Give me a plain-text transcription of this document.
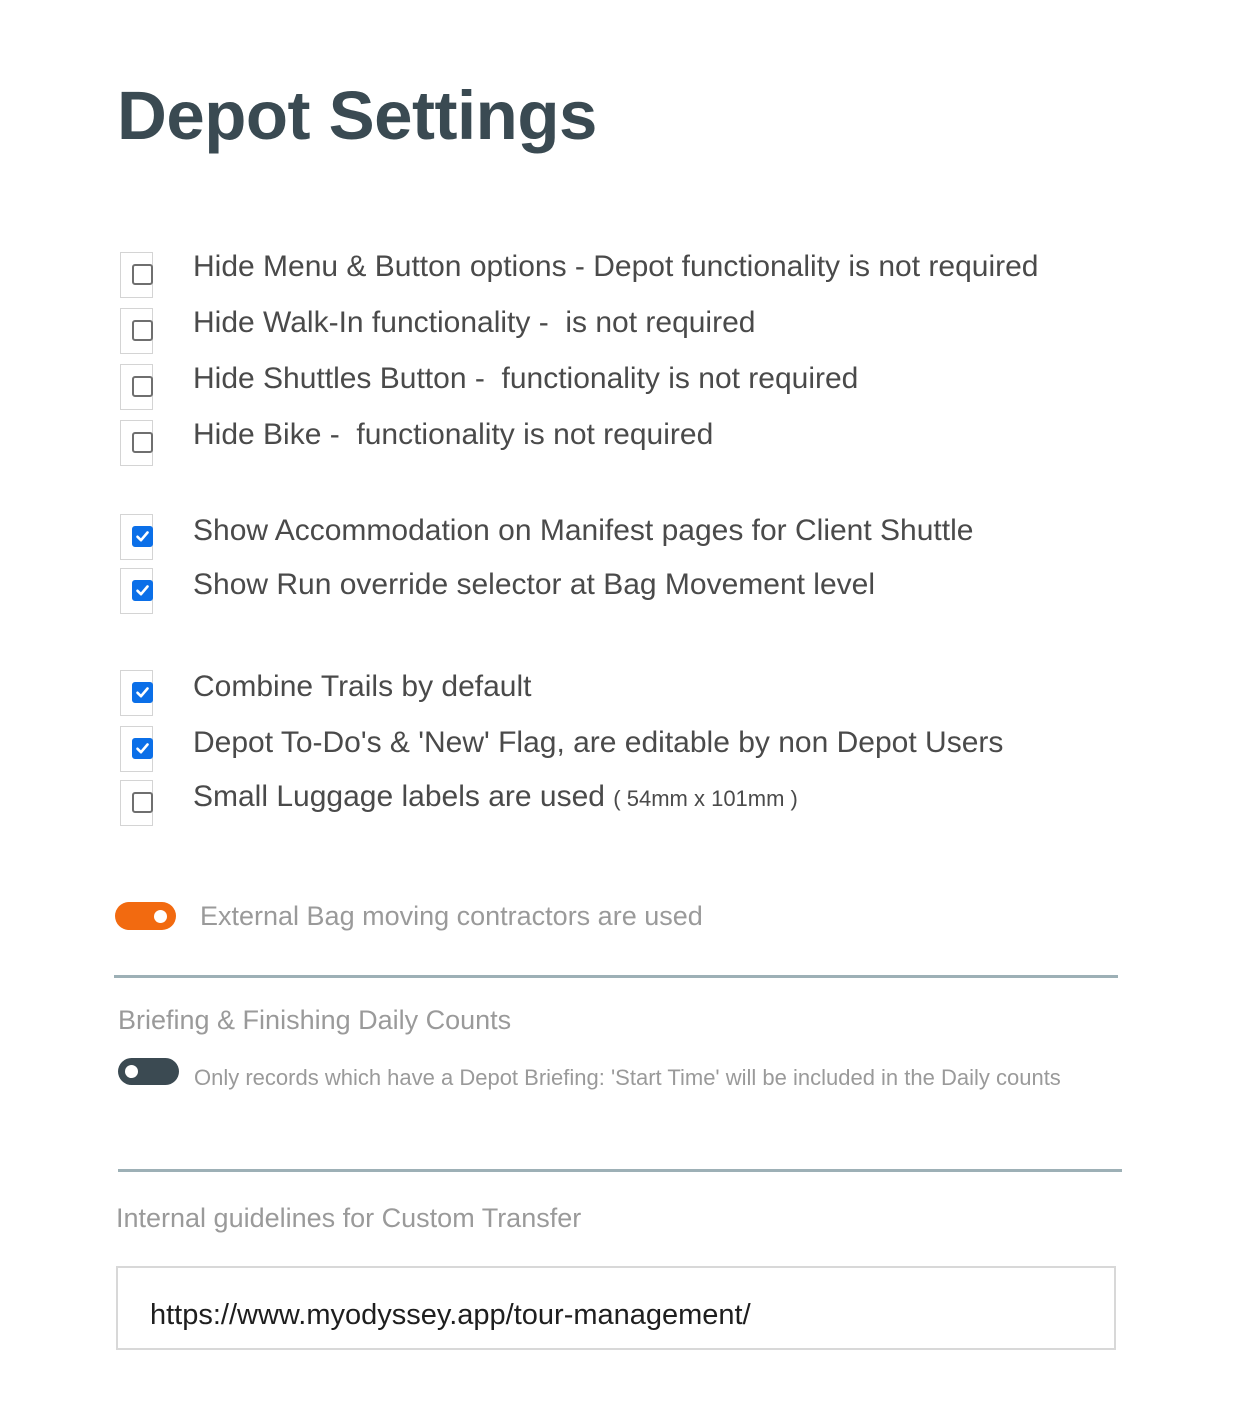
Depot Settings
Hide Menu & Button options - Depot functionality is not required
Hide Walk-In functionality -  is not required
Hide Shuttles Button -  functionality is not required
Hide Bike -  functionality is not required
Show Accommodation on Manifest pages for Client Shuttle
Show Run override selector at Bag Movement level
Combine Trails by default
Depot To-Do's & 'New' Flag, are editable by non Depot Users
Small Luggage labels are used ( 54mm x 101mm )
External Bag moving contractors are used
Briefing & Finishing Daily Counts
Only records which have a Depot Briefing: 'Start Time' will be included in the Daily counts
Internal guidelines for Custom Transfer
https://www.myodyssey.app/tour-management/
